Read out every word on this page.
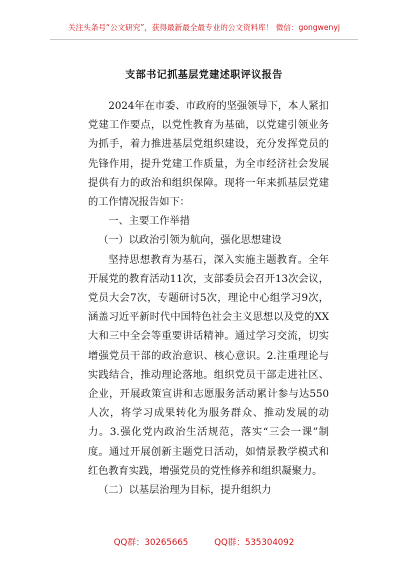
关注头条号“公文研究”，获得最新最全最专业的公文资料库！ 微信：gongwenyj
支部书记抓基层党建述职评议报告

2024年在市委、市政府的坚强领导下，本人紧扣党建工作要点，以党性教育为基础，以党建引领业务为抓手，着力推进基层党组织建设，充分发挥党员的先锋作用，提升党建工作质量，为全市经济社会发展提供有力的政治和组织保障。现将一年来抓基层党建的工作情况报告如下：

一、主要工作举措

（一）以政治引领为航向，强化思想建设

坚持思想教育为基石，深入实施主题教育。全年开展党的教育活动11次，支部委员会召开13次会议，党员大会7次，专题研讨5次，理论中心组学习9次，涵盖习近平新时代中国特色社会主义思想以及党的XX大和三中全会等重要讲话精神。通过学习交流，切实增强党员干部的政治意识、核心意识。2.注重理论与实践结合，推动理论落地。组织党员干部走进社区、企业，开展政策宣讲和志愿服务活动累计参与达550人次，将学习成果转化为服务群众、推动发展的动力。3.强化党内政治生活规范，落实“三会一课”制度。通过开展创新主题党日活动，如情景教学模式和红色教育实践，增强党员的党性修养和组织凝聚力。

（二）以基层治理为目标，提升组织力

QQ群：30265665	QQ群：535304092
